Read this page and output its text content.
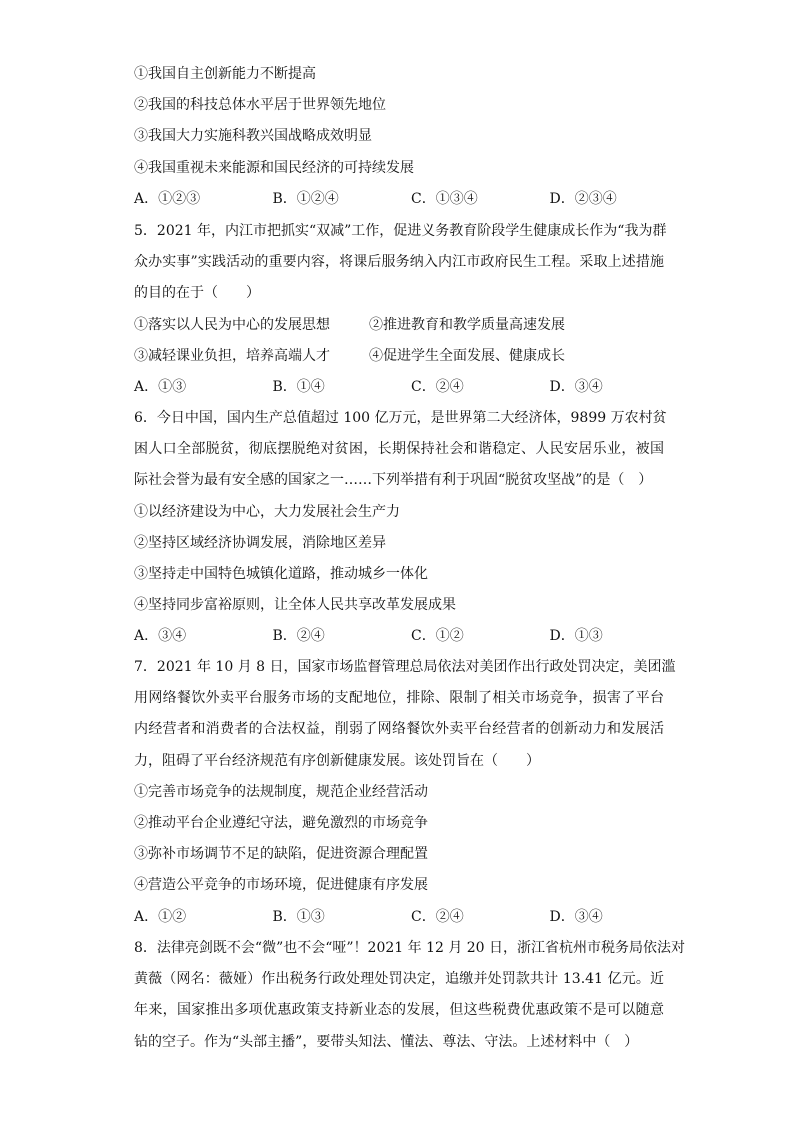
①我国自主创新能力不断提高
②我国的科技总体水平居于世界领先地位
③我国大力实施科教兴国战略成效明显
④我国重视未来能源和国民经济的可持续发展
A．①②③	B．①②④	C．①③④	D．②③④
5．2021 年，内江市把抓实“双减”工作，促进义务教育阶段学生健康成长作为“我为群
众办实事”实践活动的重要内容，将课后服务纳入内江市政府民生工程。采取上述措施
的目的在于（　　）
①落实以人民为中心的发展思想	②推进教育和教学质量高速发展
③减轻课业负担，培养高端人才	④促进学生全面发展、健康成长
A．①③	B．①④	C．②④	D．③④
6．今日中国，国内生产总值超过 100 亿万元，是世界第二大经济体，9899 万农村贫
困人口全部脱贫，彻底摆脱绝对贫困，长期保持社会和谐稳定、人民安居乐业，被国
际社会誉为最有安全感的国家之一……下列举措有利于巩固“脱贫攻坚战”的是（　）
①以经济建设为中心，大力发展社会生产力
②坚持区域经济协调发展，消除地区差异
③坚持走中国特色城镇化道路，推动城乡一体化
④坚持同步富裕原则，让全体人民共享改革发展成果
A．③④	B．②④	C．①②	D．①③
7．2021 年 10 月 8 日，国家市场监督管理总局依法对美团作出行政处罚决定，美团滥
用网络餐饮外卖平台服务市场的支配地位，排除、限制了相关市场竞争，损害了平台
内经营者和消费者的合法权益，削弱了网络餐饮外卖平台经营者的创新动力和发展活
力，阻碍了平台经济规范有序创新健康发展。该处罚旨在（　　）
①完善市场竞争的法规制度，规范企业经营活动
②推动平台企业遵纪守法，避免激烈的市场竞争
③弥补市场调节不足的缺陷，促进资源合理配置
④营造公平竞争的市场环境，促进健康有序发展
A．①②	B．①③	C．②④	D．③④
8．法律亮剑既不会“微”也不会“哑”！2021 年 12 月 20 日，浙江省杭州市税务局依法对
黄薇（网名：薇娅）作出税务行政处理处罚决定，追缴并处罚款共计 13.41 亿元。近
年来，国家推出多项优惠政策支持新业态的发展，但这些税费优惠政策不是可以随意
钻的空子。作为“头部主播”，要带头知法、懂法、尊法、守法。上述材料中（　）
